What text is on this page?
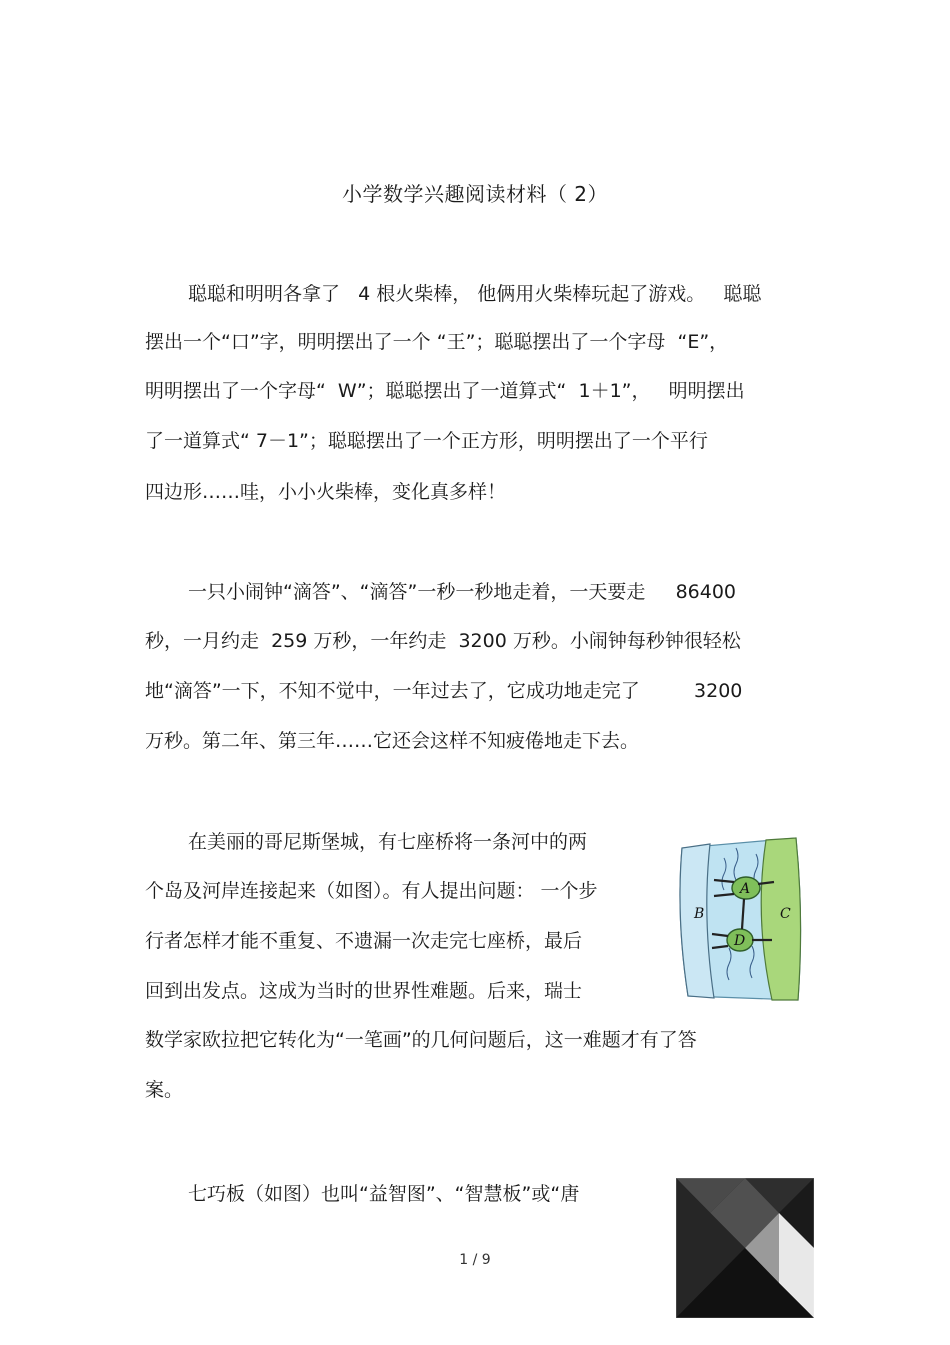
小学数学兴趣阅读材料（ 2）
聪聪和明明各拿了   4 根火柴棒， 他俩用火柴棒玩起了游戏。   聪聪
摆出一个“口”字，明明摆出了一个 “王”；聪聪摆出了一个字母  “E”，
明明摆出了一个字母“  W”；聪聪摆出了一道算式“  1＋1”，   明明摆出
了一道算式“ 7－1”；聪聪摆出了一个正方形，明明摆出了一个平行
四边形……哇，小小火柴棒，变化真多样！
一只小闹钟“滴答”、“滴答”一秒一秒地走着，一天要走     86400
秒，一月约走  259 万秒，一年约走  3200 万秒。小闹钟每秒钟很轻松
地“滴答”一下，不知不觉中，一年过去了，它成功地走完了         3200
万秒。第二年、第三年……它还会这样不知疲倦地走下去。
在美丽的哥尼斯堡城，有七座桥将一条河中的两
个岛及河岸连接起来（如图）。有人提出问题： 一个步
行者怎样才能不重复、不遗漏一次走完七座桥，最后
回到出发点。这成为当时的世界性难题。后来，瑞士
数学家欧拉把它转化为“一笔画”的几何问题后，这一难题才有了答
案。
A
D
B	C
七巧板（如图）也叫“益智图”、“智慧板”或“唐
1 / 9
